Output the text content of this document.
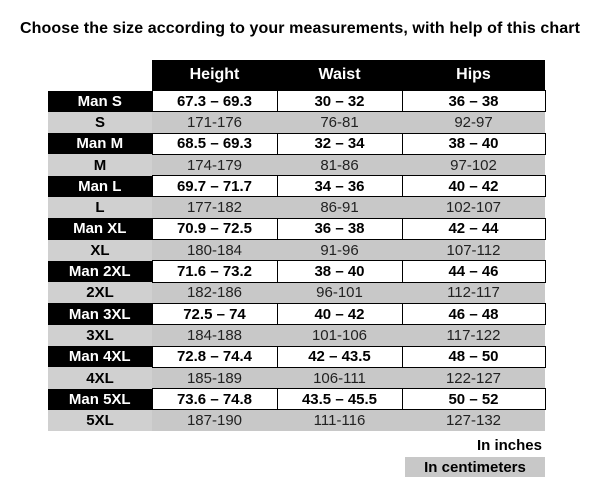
Choose the size according to your measurements, with help of this chart
Height	Waist	Hips
Man S	67.3 – 69.3	30 – 32	36 – 38
S	171-176	76-81	92-97
Man M	68.5 – 69.3	32 – 34	38 – 40
M	174-179	81-86	97-102
Man L	69.7 – 71.7	34 – 36	40 – 42
L	177-182	86-91	102-107
Man XL	70.9 – 72.5	36 – 38	42 – 44
XL	180-184	91-96	107-112
Man 2XL	71.6 – 73.2	38 – 40	44 – 46
2XL	182-186	96-101	112-117
Man 3XL	72.5 – 74	40 – 42	46 – 48
3XL	184-188	101-106	117-122
Man 4XL	72.8 – 74.4	42 – 43.5	48 – 50
4XL	185-189	106-111	122-127
Man 5XL	73.6 – 74.8	43.5 – 45.5	50 – 52
5XL	187-190	111-116	127-132
In inches
In centimeters
